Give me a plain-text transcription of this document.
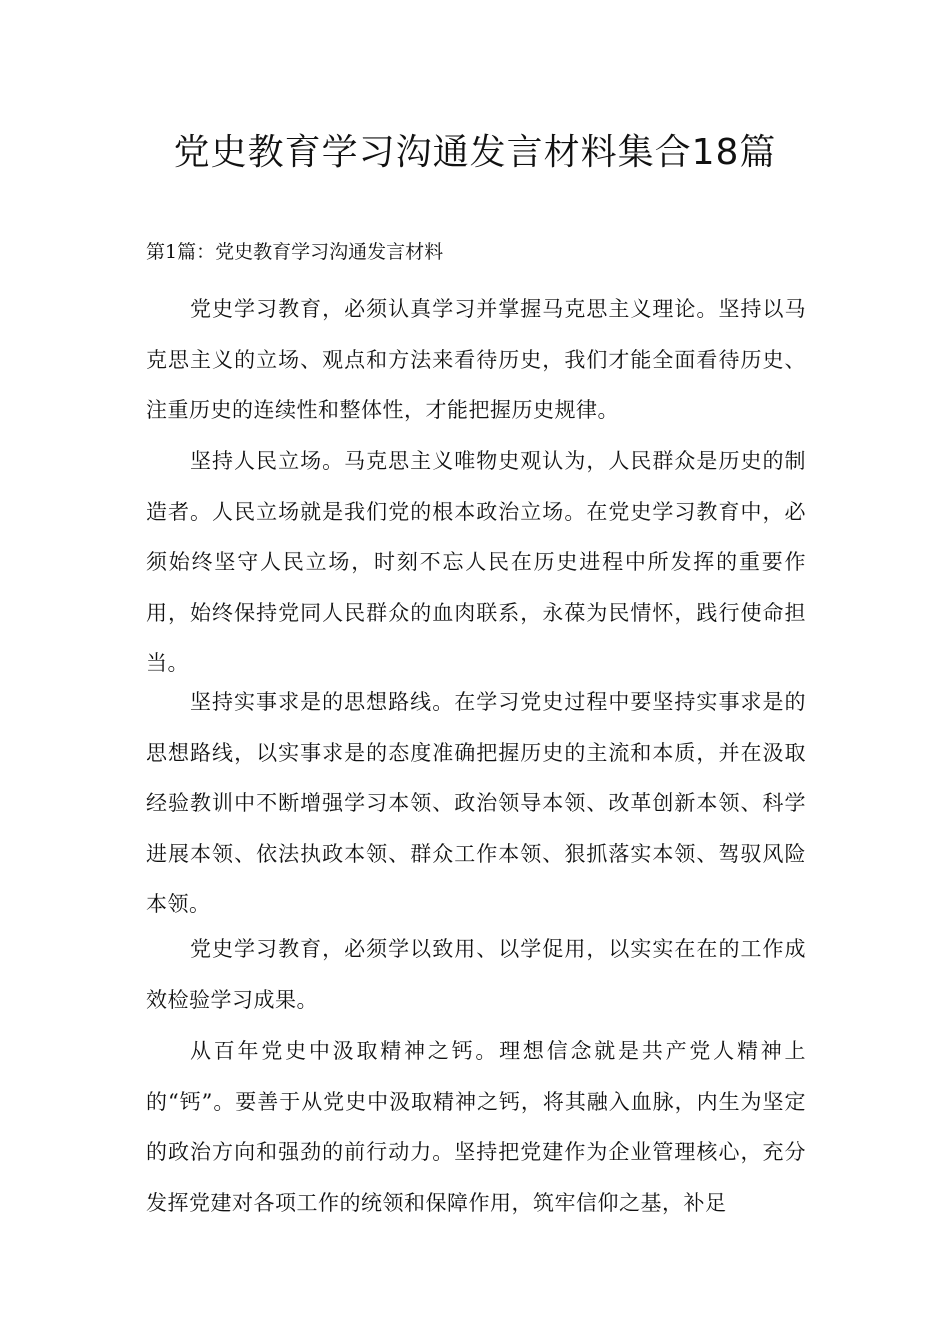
党史教育学习沟通发言材料集合18篇

第1篇：党史教育学习沟通发言材料

党史学习教育，必须认真学习并掌握马克思主义理论。坚持以马克思主义的立场、观点和方法来看待历史，我们才能全面看待历史、注重历史的连续性和整体性，才能把握历史规律。

坚持人民立场。马克思主义唯物史观认为，人民群众是历史的制造者。人民立场就是我们党的根本政治立场。在党史学习教育中，必须始终坚守人民立场，时刻不忘人民在历史进程中所发挥的重要作用，始终保持党同人民群众的血肉联系，永葆为民情怀，践行使命担当。

坚持实事求是的思想路线。在学习党史过程中要坚持实事求是的思想路线，以实事求是的态度准确把握历史的主流和本质，并在汲取经验教训中不断增强学习本领、政治领导本领、改革创新本领、科学进展本领、依法执政本领、群众工作本领、狠抓落实本领、驾驭风险本领。

党史学习教育，必须学以致用、以学促用，以实实在在的工作成效检验学习成果。

从百年党史中汲取精神之钙。理想信念就是共产党人精神上的“钙”。要善于从党史中汲取精神之钙，将其融入血脉，内生为坚定的政治方向和强劲的前行动力。坚持把党建作为企业管理核心，充分发挥党建对各项工作的统领和保障作用，筑牢信仰之基，补足
